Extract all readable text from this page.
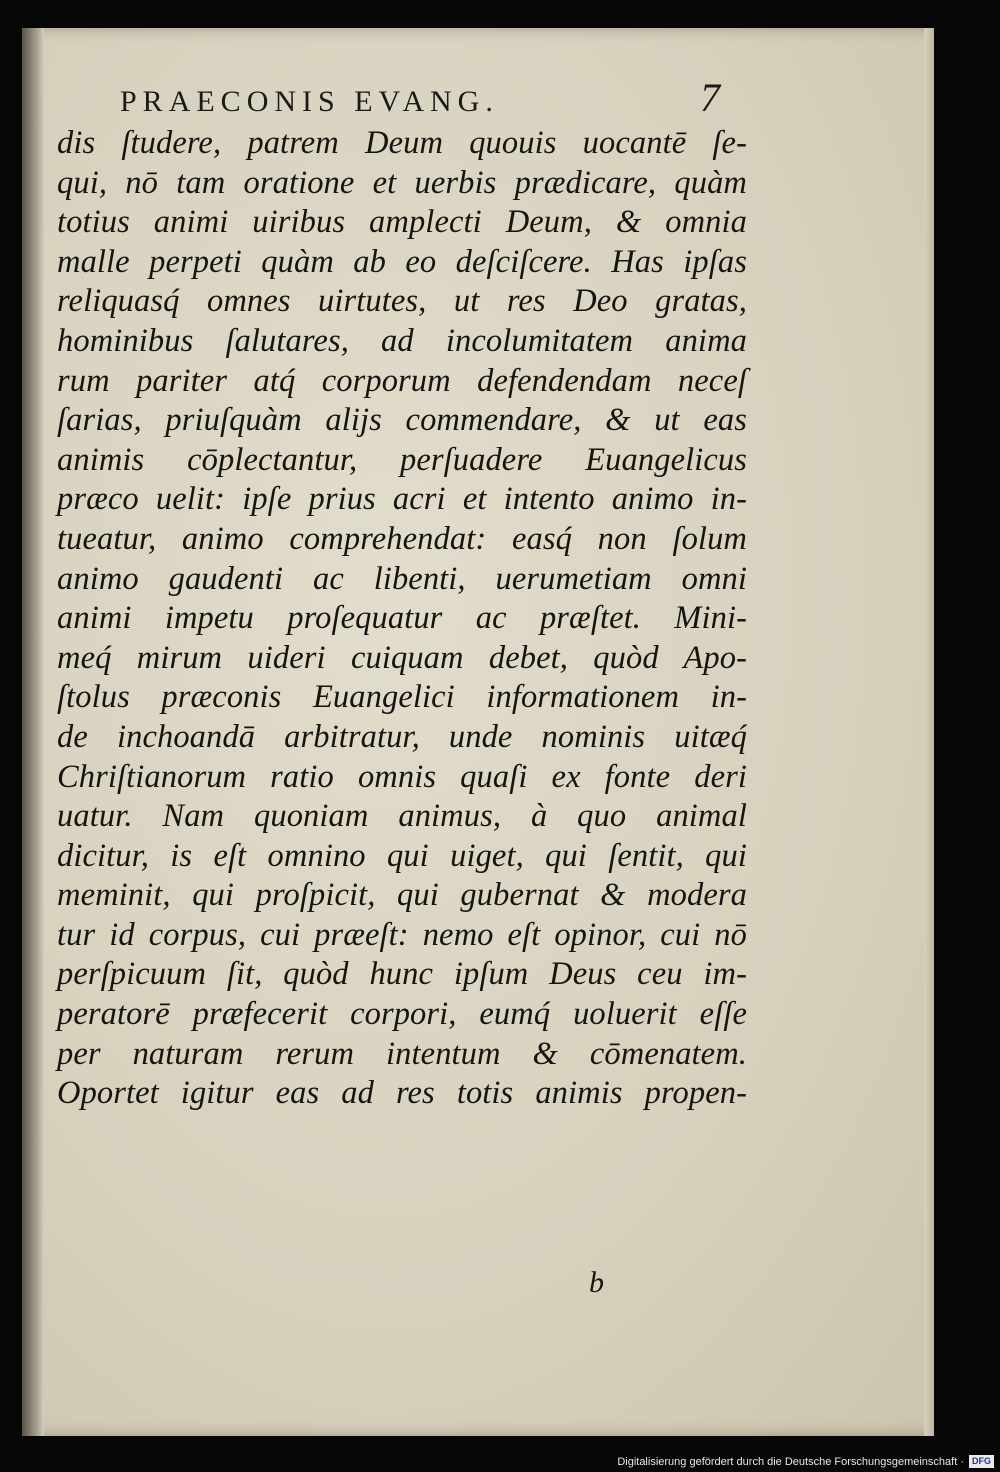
PRAECONIS EVANG.	7
dis ſtudere, patrem Deum quouis uocantē ſe-
qui, nō tam oratione et uerbis prædicare, quàm
totius animi uiribus amplecti Deum, & omnia
malle perpeti quàm ab eo deſciſcere. Has ipſas
reliquasq́ omnes uirtutes, ut res Deo gratas,
hominibus ſalutares, ad incolumitatem anima
rum pariter atq́ corporum defendendam neceſ
ſarias, priuſquàm alijs commendare, & ut eas
animis cōplectantur, perſuadere Euangelicus
præco uelit: ipſe prius acri et intento animo in-
tueatur, animo comprehendat: easq́ non ſolum
animo gaudenti ac libenti, uerumetiam omni
animi impetu proſequatur ac præſtet. Mini-
meq́ mirum uideri cuiquam debet, quòd Apo-
ſtolus præconis Euangelici informationem in-
de inchoandā arbitratur, unde nominis uitæq́
Chriſtianorum ratio omnis quaſi ex fonte deri
uatur. Nam quoniam animus, à quo animal
dicitur, is eſt omnino qui uiget, qui ſentit, qui
meminit, qui proſpicit, qui gubernat & modera
tur id corpus, cui præeſt: nemo eſt opinor, cui nō
perſpicuum ſit, quòd hunc ipſum Deus ceu im-
peratorē præfecerit corpori, eumq́ uoluerit eſſe
per naturam rerum intentum & cōmenatem.
Oportet igitur eas ad res totis animis propen-
b
Digitalisierung gefördert durch die Deutsche Forschungsgemeinschaft · DFG
